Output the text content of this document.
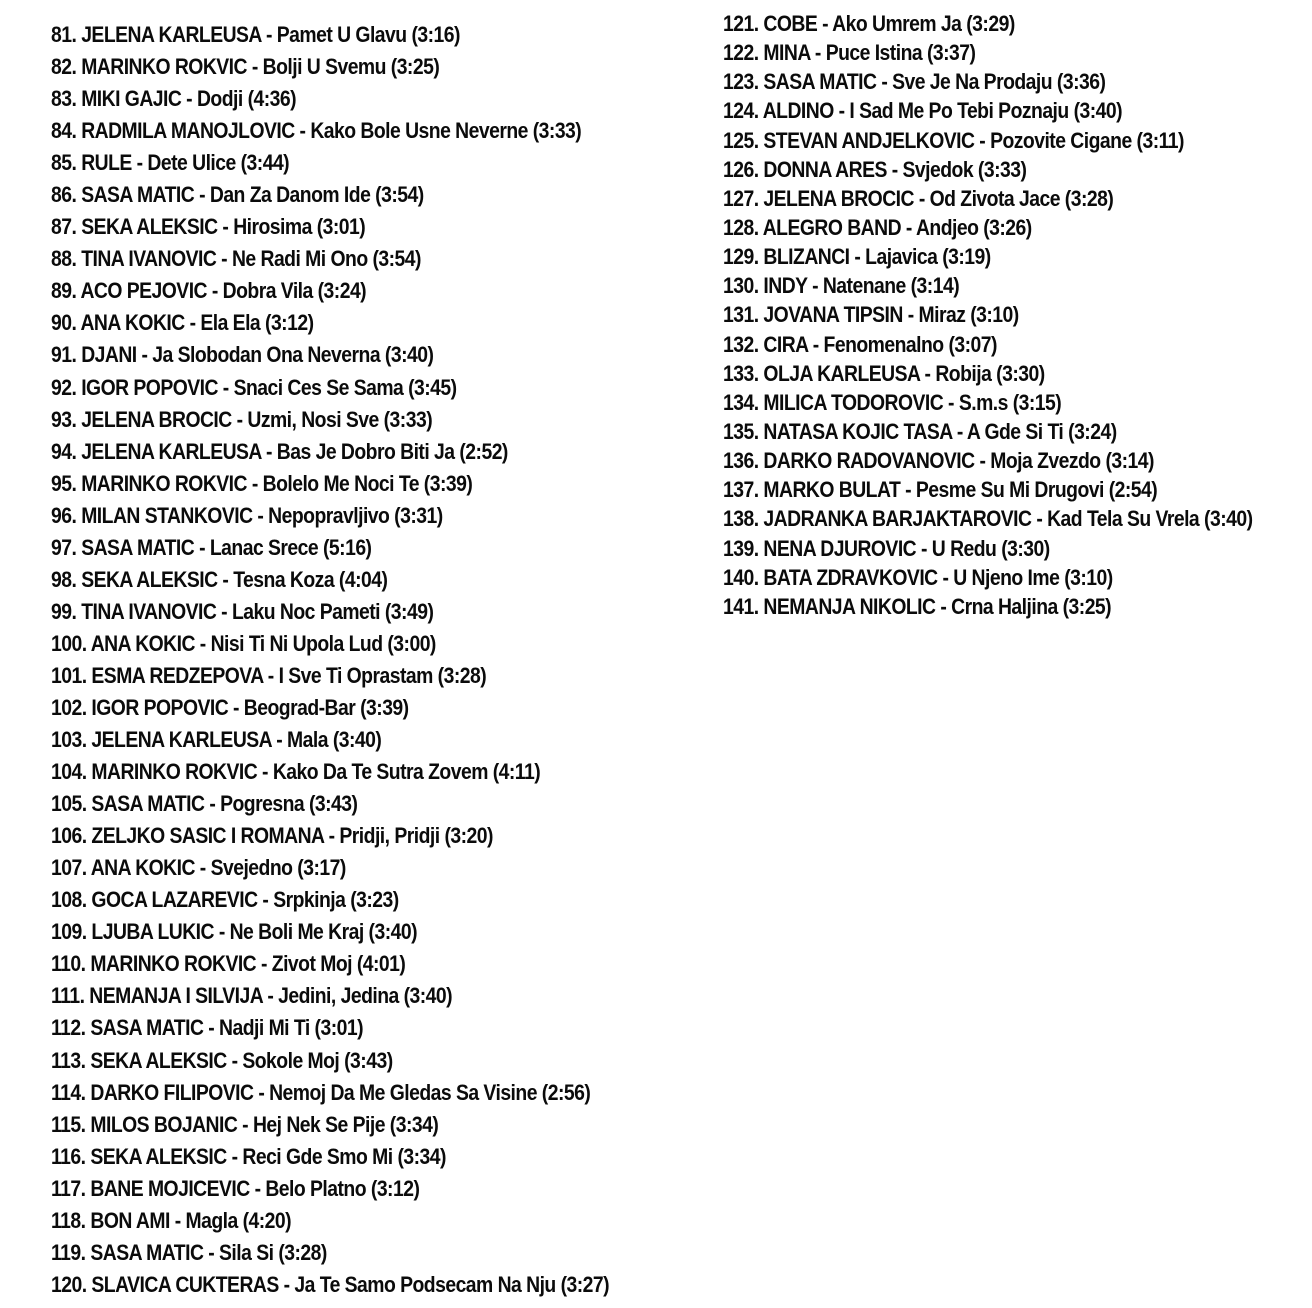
81. JELENA KARLEUSA - Pamet U Glavu (3:16)
82. MARINKO ROKVIC - Bolji U Svemu (3:25)
83. MIKI GAJIC - Dodji (4:36)
84. RADMILA MANOJLOVIC - Kako Bole Usne Neverne (3:33)
85. RULE - Dete Ulice (3:44)
86. SASA MATIC - Dan Za Danom Ide (3:54)
87. SEKA ALEKSIC - Hirosima (3:01)
88. TINA IVANOVIC - Ne Radi Mi Ono (3:54)
89. ACO PEJOVIC - Dobra Vila (3:24)
90. ANA KOKIC - Ela Ela (3:12)
91. DJANI - Ja Slobodan Ona Neverna (3:40)
92. IGOR POPOVIC - Snaci Ces Se Sama (3:45)
93. JELENA BROCIC - Uzmi, Nosi Sve (3:33)
94. JELENA KARLEUSA - Bas Je Dobro Biti Ja (2:52)
95. MARINKO ROKVIC - Bolelo Me Noci Te (3:39)
96. MILAN STANKOVIC - Nepopravljivo (3:31)
97. SASA MATIC - Lanac Srece (5:16)
98. SEKA ALEKSIC - Tesna Koza (4:04)
99. TINA IVANOVIC - Laku Noc Pameti (3:49)
100. ANA KOKIC - Nisi Ti Ni Upola Lud (3:00)
101. ESMA REDZEPOVA - I Sve Ti Oprastam (3:28)
102. IGOR POPOVIC - Beograd-Bar (3:39)
103. JELENA KARLEUSA - Mala (3:40)
104. MARINKO ROKVIC - Kako Da Te Sutra Zovem (4:11)
105. SASA MATIC - Pogresna (3:43)
106. ZELJKO SASIC I ROMANA - Pridji, Pridji (3:20)
107. ANA KOKIC - Svejedno (3:17)
108. GOCA LAZAREVIC - Srpkinja (3:23)
109. LJUBA LUKIC - Ne Boli Me Kraj (3:40)
110. MARINKO ROKVIC - Zivot Moj (4:01)
111. NEMANJA I SILVIJA - Jedini, Jedina (3:40)
112. SASA MATIC - Nadji Mi Ti (3:01)
113. SEKA ALEKSIC - Sokole Moj (3:43)
114. DARKO FILIPOVIC - Nemoj Da Me Gledas Sa Visine (2:56)
115. MILOS BOJANIC - Hej Nek Se Pije (3:34)
116. SEKA ALEKSIC - Reci Gde Smo Mi (3:34)
117. BANE MOJICEVIC - Belo Platno (3:12)
118. BON AMI - Magla (4:20)
119. SASA MATIC - Sila Si (3:28)
120. SLAVICA CUKTERAS - Ja Te Samo Podsecam Na Nju (3:27)
121. COBE - Ako Umrem Ja (3:29)
122. MINA - Puce Istina (3:37)
123. SASA MATIC - Sve Je Na Prodaju (3:36)
124. ALDINO - I Sad Me Po Tebi Poznaju (3:40)
125. STEVAN ANDJELKOVIC - Pozovite Cigane (3:11)
126. DONNA ARES - Svjedok (3:33)
127. JELENA BROCIC - Od Zivota Jace (3:28)
128. ALEGRO BAND - Andjeo (3:26)
129. BLIZANCI - Lajavica (3:19)
130. INDY - Natenane (3:14)
131. JOVANA TIPSIN - Miraz (3:10)
132. CIRA - Fenomenalno (3:07)
133. OLJA KARLEUSA - Robija (3:30)
134. MILICA TODOROVIC - S.m.s (3:15)
135. NATASA KOJIC TASA - A Gde Si Ti (3:24)
136. DARKO RADOVANOVIC - Moja Zvezdo (3:14)
137. MARKO BULAT - Pesme Su Mi Drugovi (2:54)
138. JADRANKA BARJAKTAROVIC - Kad Tela Su Vrela (3:40)
139. NENA DJUROVIC - U Redu (3:30)
140. BATA ZDRAVKOVIC - U Njeno Ime (3:10)
141. NEMANJA NIKOLIC - Crna Haljina (3:25)
